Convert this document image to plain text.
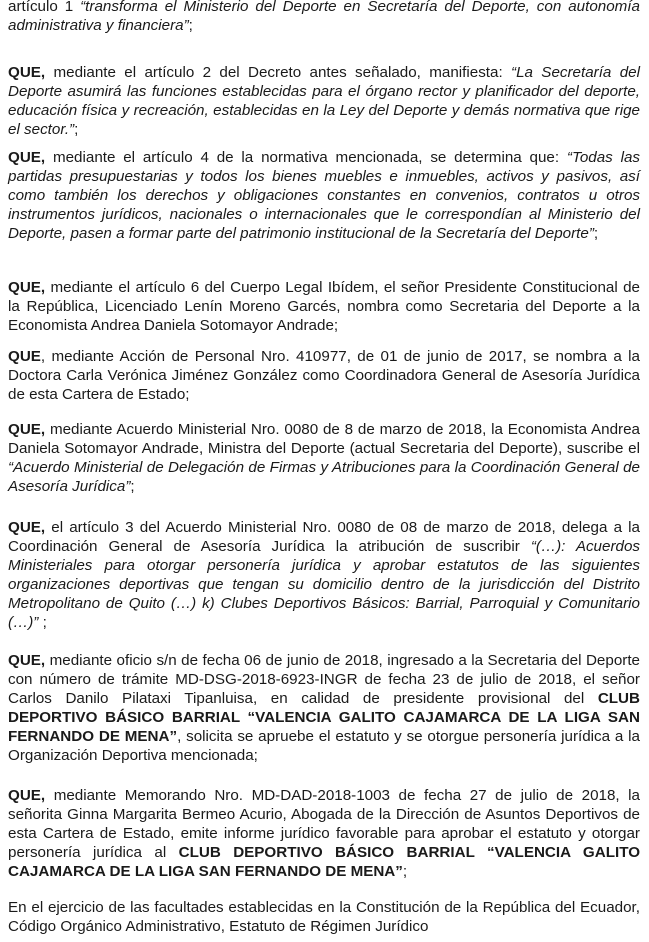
artículo 1 “transforma el Ministerio del Deporte en Secretaría del Deporte, con autonomía administrativa y financiera”;

QUE, mediante el artículo 2 del Decreto antes señalado, manifiesta: “La Secretaría del Deporte asumirá las funciones establecidas para el órgano rector y planificador del deporte, educación física y recreación, establecidas en la Ley del Deporte y demás normativa que rige el sector.”;

QUE, mediante el artículo 4 de la normativa mencionada, se determina que: “Todas las partidas presupuestarias y todos los bienes muebles e inmuebles, activos y pasivos, así como también los derechos y obligaciones constantes en convenios, contratos u otros instrumentos jurídicos, nacionales o internacionales que le correspondían al Ministerio del Deporte, pasen a formar parte del patrimonio institucional de la Secretaría del Deporte”;

QUE, mediante el artículo 6 del Cuerpo Legal Ibídem, el señor Presidente Constitucional de la República, Licenciado Lenín Moreno Garcés, nombra como Secretaria del Deporte a la Economista Andrea Daniela Sotomayor Andrade;

QUE, mediante Acción de Personal Nro. 410977, de 01 de junio de 2017, se nombra a la Doctora Carla Verónica Jiménez González como Coordinadora General de Asesoría Jurídica de esta Cartera de Estado;

QUE, mediante Acuerdo Ministerial Nro. 0080 de 8 de marzo de 2018, la Economista Andrea Daniela Sotomayor Andrade, Ministra del Deporte (actual Secretaria del Deporte), suscribe el “Acuerdo Ministerial de Delegación de Firmas y Atribuciones para la Coordinación General de Asesoría Jurídica”;

QUE, el artículo 3 del Acuerdo Ministerial Nro. 0080 de 08 de marzo de 2018, delega a la Coordinación General de Asesoría Jurídica la atribución de suscribir “(…): Acuerdos Ministeriales para otorgar personería jurídica y aprobar estatutos de las siguientes organizaciones deportivas que tengan su domicilio dentro de la jurisdicción del Distrito Metropolitano de Quito (…) k) Clubes Deportivos Básicos: Barrial, Parroquial y Comunitario (…)” ;

QUE, mediante oficio s/n de fecha 06 de junio de 2018, ingresado a la Secretaria del Deporte con número de trámite MD-DSG-2018-6923-INGR de fecha 23 de julio de 2018, el señor Carlos Danilo Pilataxi Tipanluisa, en calidad de presidente provisional del CLUB DEPORTIVO BÁSICO BARRIAL “VALENCIA GALITO CAJAMARCA DE LA LIGA SAN FERNANDO DE MENA”, solicita se apruebe el estatuto y se otorgue personería jurídica a la Organización Deportiva mencionada;

QUE, mediante Memorando Nro. MD-DAD-2018-1003 de fecha 27 de julio de 2018, la señorita Ginna Margarita Bermeo Acurio, Abogada de la Dirección de Asuntos Deportivos de esta Cartera de Estado, emite informe jurídico favorable para aprobar el estatuto y otorgar personería jurídica al CLUB DEPORTIVO BÁSICO BARRIAL “VALENCIA GALITO CAJAMARCA DE LA LIGA SAN FERNANDO DE MENA”;

En el ejercicio de las facultades establecidas en la Constitución de la República del Ecuador, Código Orgánico Administrativo, Estatuto de Régimen Jurídico
